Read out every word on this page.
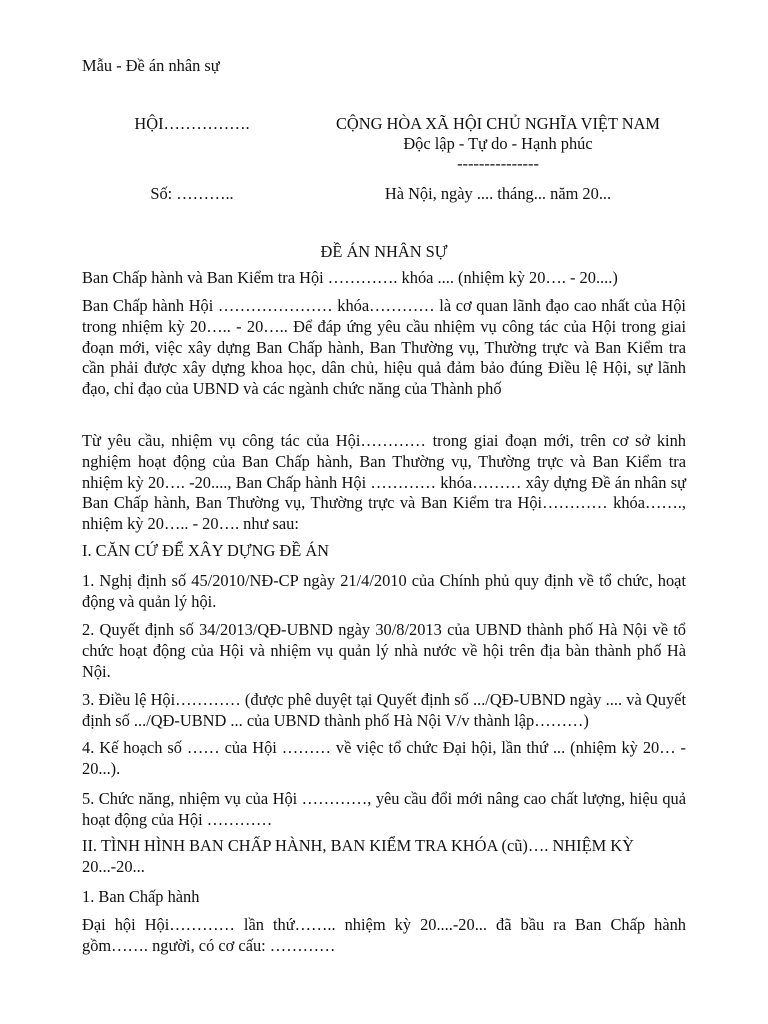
Mẫu - Đề án nhân sự
HỘI…………….
Số: ………..
CỘNG HÒA XÃ HỘI CHỦ NGHĨA VIỆT NAM
Độc lập - Tự do - Hạnh phúc
---------------
Hà Nội, ngày .... tháng... năm 20...
ĐỀ ÁN NHÂN SỰ
Ban Chấp hành và Ban Kiểm tra Hội …………. khóa .... (nhiệm kỳ 20…. - 20....)
Ban Chấp hành Hội ………………… khóa………… là cơ quan lãnh đạo cao nhất của Hội trong nhiệm kỳ 20….. - 20….. Để đáp ứng yêu cầu nhiệm vụ công tác của Hội trong giai đoạn mới, việc xây dựng Ban Chấp hành, Ban Thường vụ, Thường trực và Ban Kiểm tra cần phải được xây dựng khoa học, dân chủ, hiệu quả đảm bảo đúng Điều lệ Hội, sự lãnh đạo, chỉ đạo của UBND và các ngành chức năng của Thành phố
Từ yêu cầu, nhiệm vụ công tác của Hội………… trong giai đoạn mới, trên cơ sở kinh nghiệm hoạt động của Ban Chấp hành, Ban Thường vụ, Thường trực và Ban Kiểm tra nhiệm kỳ 20…. -20...., Ban Chấp hành Hội ………… khóa……… xây dựng Đề án nhân sự Ban Chấp hành, Ban Thường vụ, Thường trực và Ban Kiểm tra Hội………… khóa……., nhiệm kỳ 20….. - 20…. như sau:
I. CĂN CỨ ĐỂ XÂY DỰNG ĐỀ ÁN
1. Nghị định số 45/2010/NĐ-CP ngày 21/4/2010 của Chính phủ quy định về tổ chức, hoạt động và quản lý hội.
2. Quyết định số 34/2013/QĐ-UBND ngày 30/8/2013 của UBND thành phố Hà Nội về tổ chức hoạt động của Hội và nhiệm vụ quản lý nhà nước về hội trên địa bàn thành phố Hà Nội.
3. Điều lệ Hội………… (được phê duyệt tại Quyết định số .../QĐ-UBND ngày .... và Quyết định số .../QĐ-UBND ... của UBND thành phố Hà Nội V/v thành lập………)
4. Kế hoạch số …… của Hội ……… về việc tổ chức Đại hội, lần thứ ... (nhiệm kỳ 20… - 20...).
5. Chức năng, nhiệm vụ của Hội …………, yêu cầu đổi mới nâng cao chất lượng, hiệu quả hoạt động của Hội …………
II. TÌNH HÌNH BAN CHẤP HÀNH, BAN KIỂM TRA KHÓA (cũ)…. NHIỆM KỲ 20...-20...
1. Ban Chấp hành
Đại hội Hội………… lần thứ…….. nhiệm kỳ 20....-20... đã bầu ra Ban Chấp hành gồm……. người, có cơ cấu: …………
